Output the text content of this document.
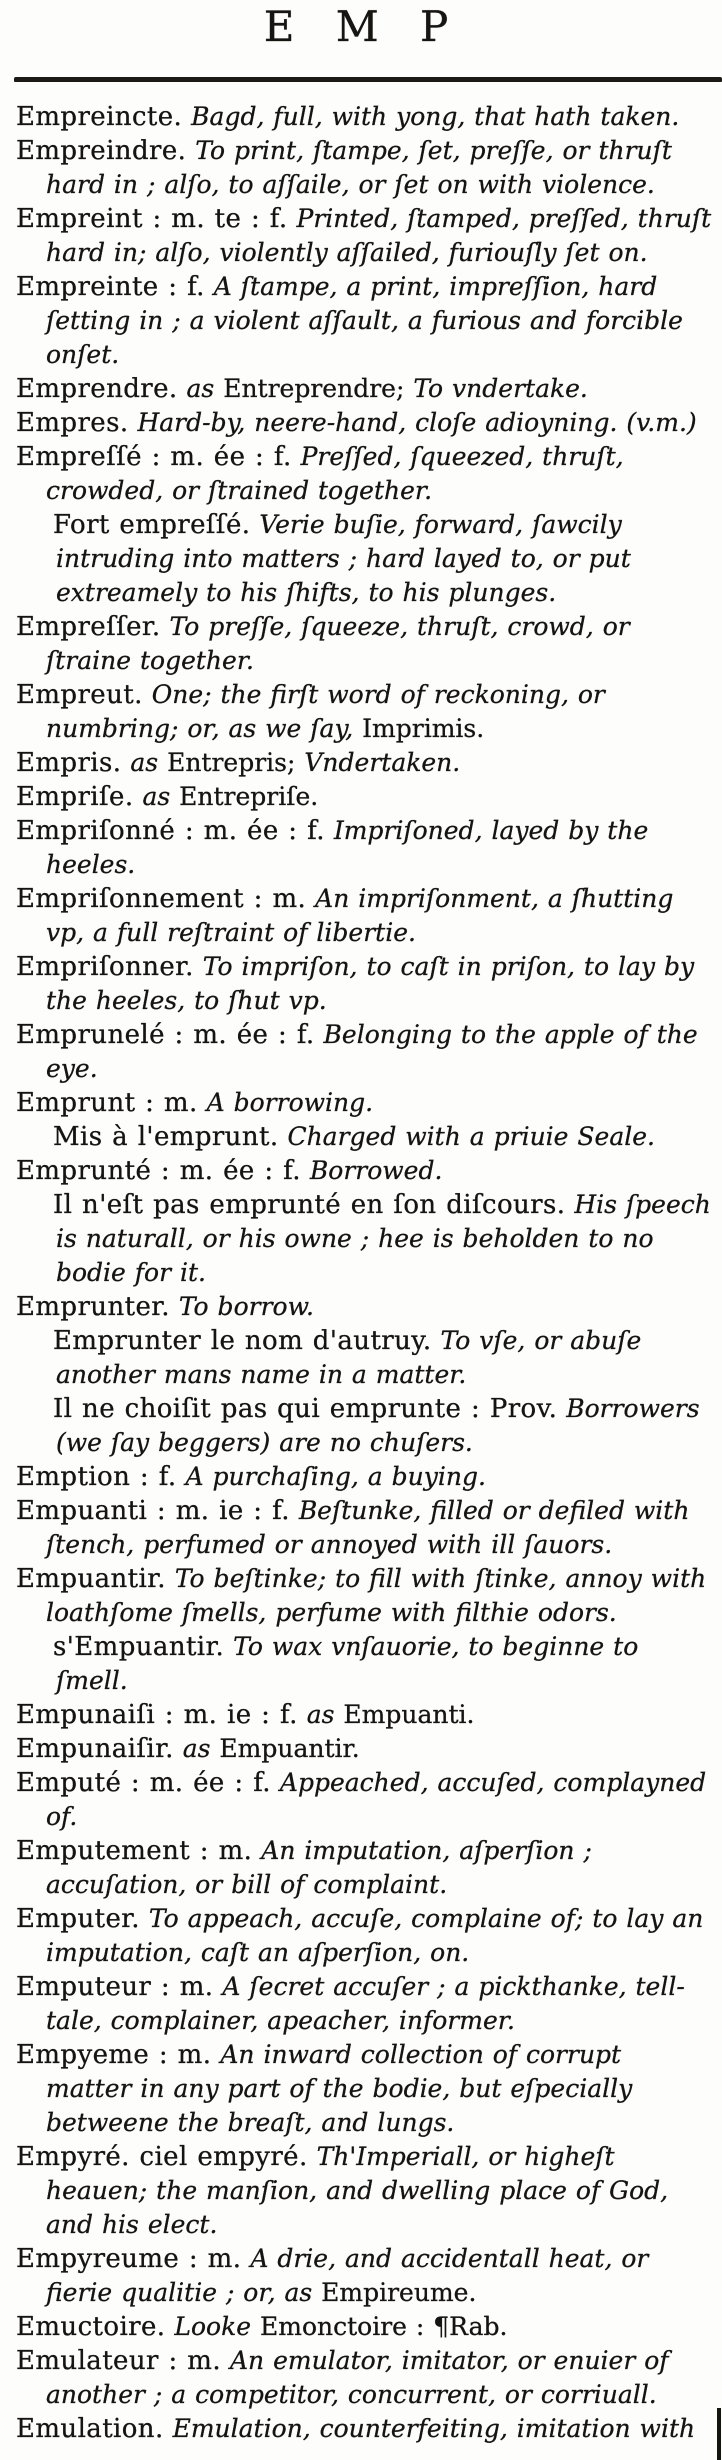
E M P

Empreincte. Bagd, full, with yong, that hath taken.

Empreindre. To print, ſtampe, ſet, preſſe, or thruſt hard in ; alſo, to aſſaile, or ſet on with violence.

Empreint : m. te : f. Printed, ſtamped, preſſed, thruſt hard in; alſo, violently aſſailed, furiouſly ſet on.

Empreinte : f. A ſtampe, a print, impreſſion, hard ſetting in ; a violent aſſault, a furious and forcible onſet.

Emprendre. as Entreprendre; To vndertake.

Empres. Hard-by, neere-hand, cloſe adioyning. (v.m.)

Empreſſé : m. ée : f. Preſſed, ſqueezed, thruſt, crowded, or ſtrained together.

Fort empreſſé. Verie buſie, forward, ſawcily intruding into matters ; hard layed to, or put extreamely to his ſhifts, to his plunges.

Empreſſer. To preſſe, ſqueeze, thruſt, crowd, or ſtraine together.

Empreut. One; the firſt word of reckoning, or numbring; or, as we ſay, Imprimis.

Empris. as Entrepris; Vndertaken.

Empriſe. as Entrepriſe.

Empriſonné : m. ée : f. Impriſoned, layed by the heeles.

Empriſonnement : m. An impriſonment, a ſhutting vp, a full reſtraint of libertie.

Empriſonner. To impriſon, to caſt in priſon, to lay by the heeles, to ſhut vp.

Emprunelé : m. ée : f. Belonging to the apple of the eye.

Emprunt : m. A borrowing.

Mis à l'emprunt. Charged with a priuie Seale.

Emprunté : m. ée : f. Borrowed.

Il n'eſt pas emprunté en ſon diſcours. His ſpeech is naturall, or his owne ; hee is beholden to no bodie for it.

Emprunter. To borrow.

Emprunter le nom d'autruy. To vſe, or abuſe another mans name in a matter.

Il ne choiſit pas qui emprunte : Prov. Borrowers (we ſay beggers) are no chuſers.

Emption : f. A purchaſing, a buying.

Empuanti : m. ie : f. Beſtunke, filled or defiled with ſtench, perfumed or annoyed with ill ſauors.

Empuantir. To beſtinke; to fill with ſtinke, annoy with loathſome ſmells, perfume with filthie odors.

s'Empuantir. To wax vnſauorie, to beginne to ſmell.

Empunaiſi : m. ie : f. as Empuanti.

Empunaiſir. as Empuantir.

Emputé : m. ée : f. Appeached, accuſed, complayned of.

Emputement : m. An imputation, aſperſion ; accuſation, or bill of complaint.

Emputer. To appeach, accuſe, complaine of; to lay an imputation, caſt an aſperſion, on.

Emputeur : m. A ſecret accuſer ; a pickthanke, tell-tale, complainer, apeacher, informer.

Empyeme : m. An inward collection of corrupt matter in any part of the bodie, but eſpecially betweene the breaſt, and lungs.

Empyré. ciel empyré. Th'Imperiall, or higheſt heauen; the manſion, and dwelling place of God, and his elect.

Empyreume : m. A drie, and accidentall heat, or fierie qualitie ; or, as Empireume.

Emuctoire. Looke Emonctoire : ¶Rab.

Emulateur : m. An emulator, imitator, or enuier of another ; a competitor, concurrent, or corriuall.

Emulation. Emulation, counterfeiting, imitation with
